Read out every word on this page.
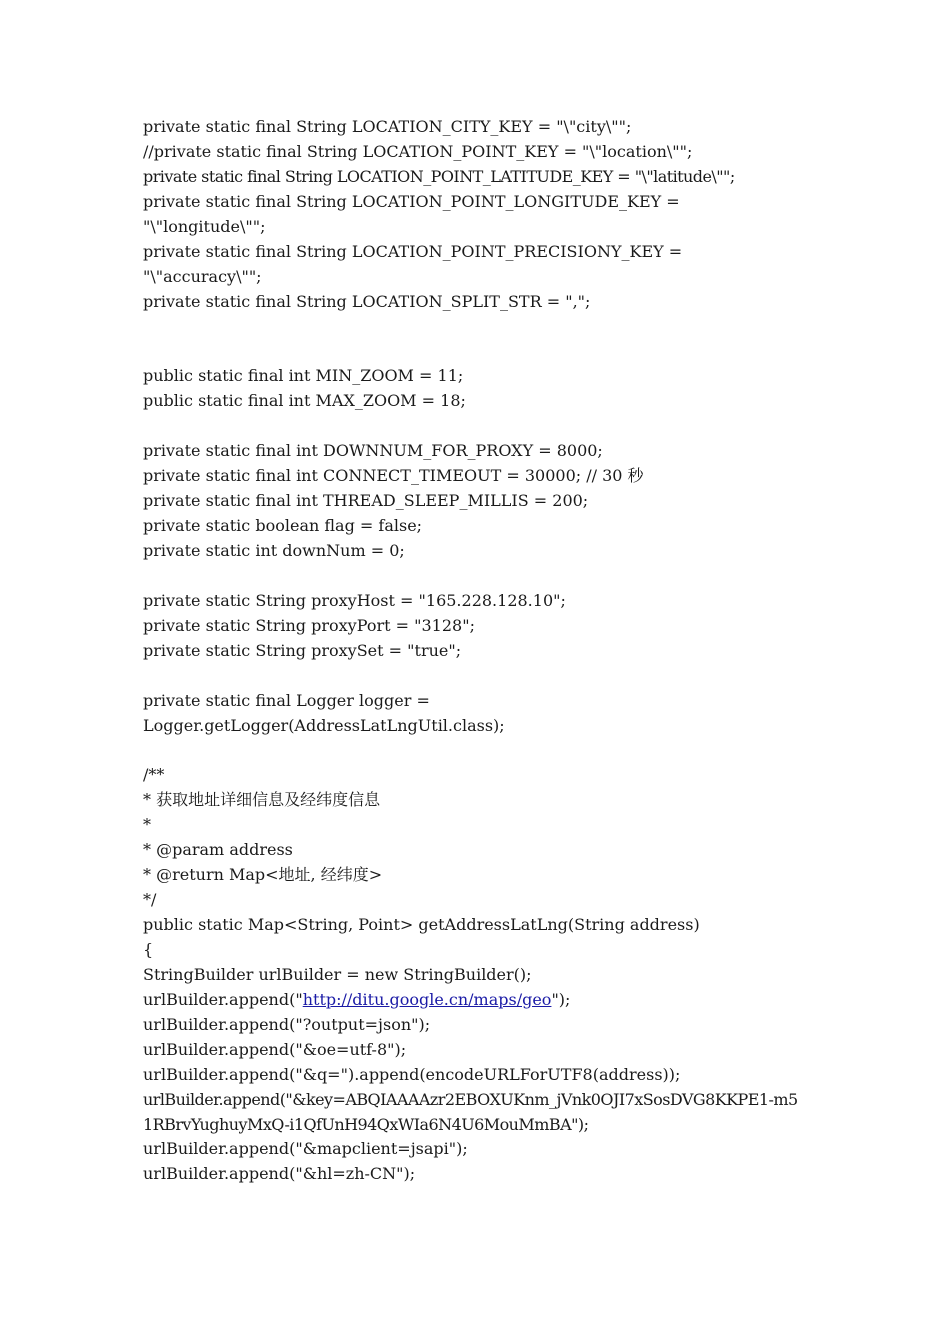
private static final String LOCATION_CITY_KEY = "\"city\"";
//private static final String LOCATION_POINT_KEY = "\"location\"";
private static final String LOCATION_POINT_LATITUDE_KEY = "\"latitude\"";
private static final String LOCATION_POINT_LONGITUDE_KEY =
"\"longitude\"";
private static final String LOCATION_POINT_PRECISIONY_KEY =
"\"accuracy\"";
private static final String LOCATION_SPLIT_STR = ",";

public static final int MIN_ZOOM = 11;
public static final int MAX_ZOOM = 18;

private static final int DOWNNUM_FOR_PROXY = 8000;
private static final int CONNECT_TIMEOUT = 30000; // 30 秒
private static final int THREAD_SLEEP_MILLIS = 200;
private static boolean flag = false;
private static int downNum = 0;

private static String proxyHost = "165.228.128.10";
private static String proxyPort = "3128";
private static String proxySet = "true";

private static final Logger logger =
Logger.getLogger(AddressLatLngUtil.class);

/**
* 获取地址详细信息及经纬度信息
*
* @param address
* @return Map<地址, 经纬度>
*/
public static Map<String, Point> getAddressLatLng(String address)
{
StringBuilder urlBuilder = new StringBuilder();
urlBuilder.append("http://ditu.google.cn/maps/geo");
urlBuilder.append("?output=json");
urlBuilder.append("&oe=utf-8");
urlBuilder.append("&q=").append(encodeURLForUTF8(address));
urlBuilder.append("&key=ABQIAAAAzr2EBOXUKnm_jVnk0OJI7xSosDVG8KKPE1-m5
1RBrvYughuyMxQ-i1QfUnH94QxWIa6N4U6MouMmBA");
urlBuilder.append("&mapclient=jsapi");
urlBuilder.append("&hl=zh-CN");
